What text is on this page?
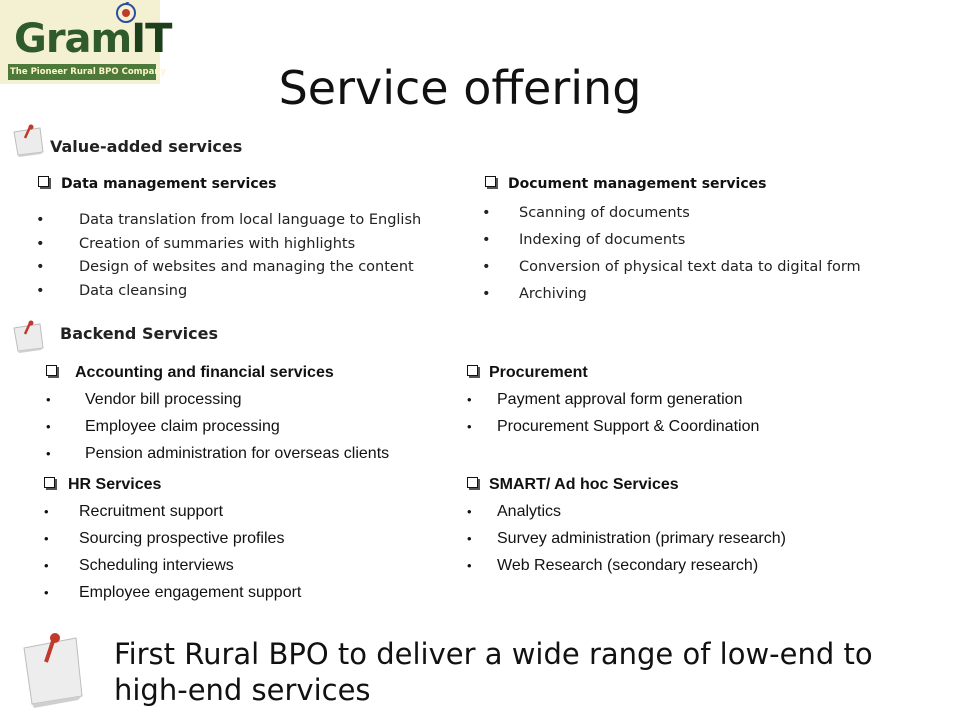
GramIT
The Pioneer Rural BPO Company	Service offering
Value-added services
Data management services
• Data translation from local language to English
• Creation of summaries with highlights
• Design of websites and managing the content
• Data cleansing
Document management services
• Scanning of documents
• Indexing of documents
• Conversion of physical text data to digital form
• Archiving
Backend Services
Accounting and financial services
• Vendor bill processing
• Employee claim processing
• Pension administration for overseas clients
Procurement
• Payment approval form generation
• Procurement Support & Coordination
HR Services
• Recruitment support
• Sourcing prospective profiles
• Scheduling interviews
• Employee engagement support
SMART/ Ad hoc Services
• Analytics
• Survey administration (primary research)
• Web Research (secondary research)
First Rural BPO to deliver a wide range of low-end to
high-end services
